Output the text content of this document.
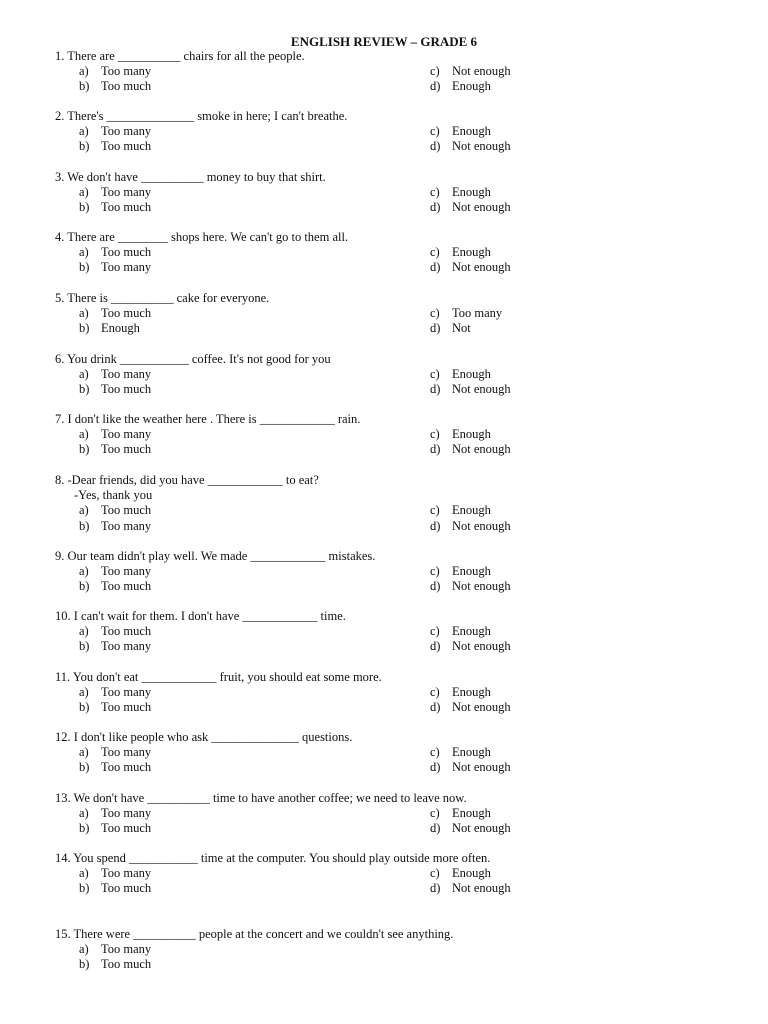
ENGLISH REVIEW – GRADE 6
1. There are __________ chairs for all the people.
a) Too many	c) Not enough
b) Too much	d) Enough
2. There's ______________ smoke in here; I can't breathe.
a) Too many	c) Enough
b) Too much	d) Not enough
3. We don't have __________ money to buy that shirt.
a) Too many	c) Enough
b) Too much	d) Not enough
4. There are ________ shops here. We can't go to them all.
a) Too much	c) Enough
b) Too many	d) Not enough
5. There is __________ cake for everyone.
a) Too much	c) Too many
b) Enough	d) Not
6. You drink ___________ coffee. It's not good for you
a) Too many	c) Enough
b) Too much	d) Not enough
7. I don't like the weather here . There is ____________ rain.
a) Too many	c) Enough
b) Too much	d) Not enough
8. -Dear friends, did you have ____________ to eat?
-Yes, thank you
a) Too much	c) Enough
b) Too many	d) Not enough
9. Our team didn't play well. We made ____________ mistakes.
a) Too many	c) Enough
b) Too much	d) Not enough
10. I can't wait for them. I don't have ____________ time.
a) Too much	c) Enough
b) Too many	d) Not enough
11. You don't eat ____________ fruit, you should eat some more.
a) Too many	c) Enough
b) Too much	d) Not enough
12. I don't like people who ask ______________ questions.
a) Too many	c) Enough
b) Too much	d) Not enough
13. We don't have __________ time to have another coffee; we need to leave now.
a) Too many	c) Enough
b) Too much	d) Not enough
14. You spend ___________ time at the computer. You should play outside more often.
a) Too many	c) Enough
b) Too much	d) Not enough
15. There were __________ people at the concert and we couldn't see anything.
a) Too many
b) Too much
